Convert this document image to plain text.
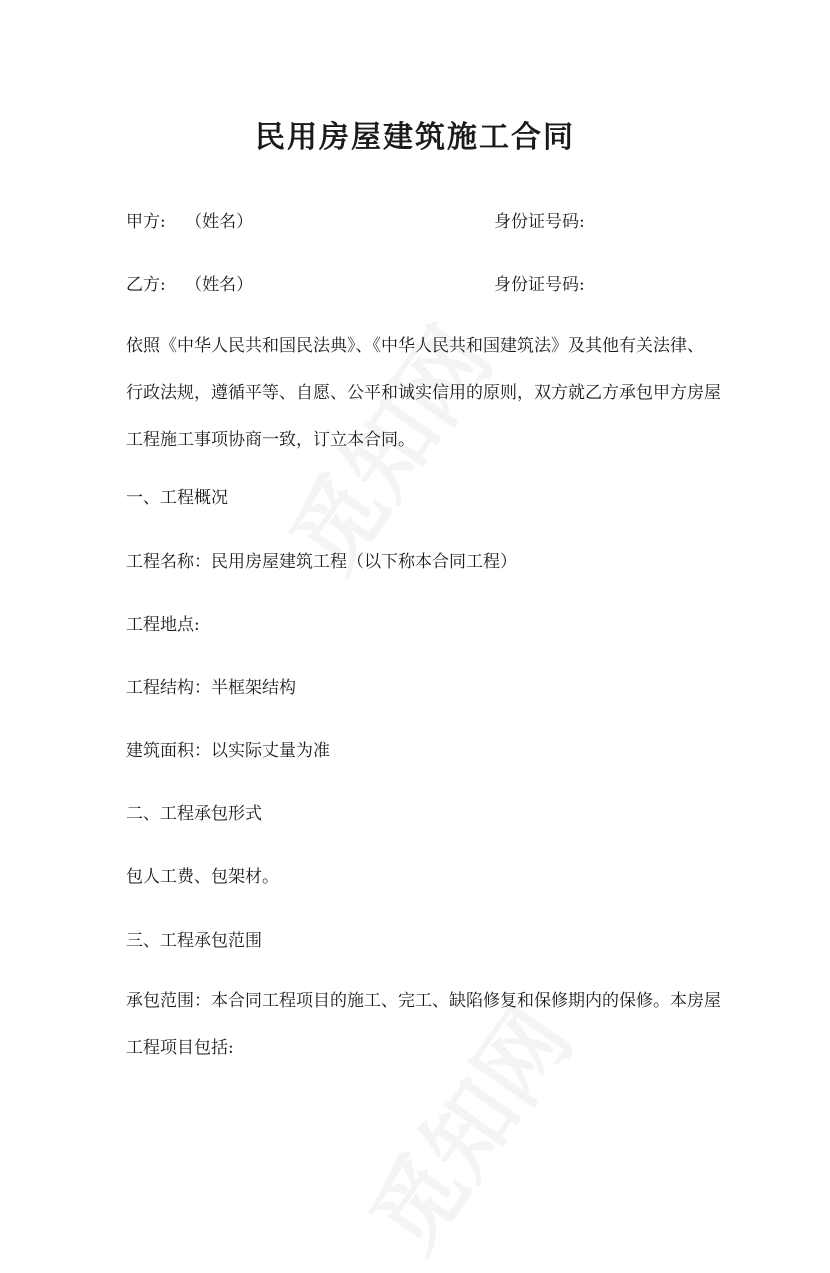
民用房屋建筑施工合同
甲方: （姓名）	身份证号码:
乙方: （姓名）	身份证号码:
依照《中华人民共和国民法典》、《中华人民共和国建筑法》及其他有关法律、
行政法规，遵循平等、自愿、公平和诚实信用的原则，双方就乙方承包甲方房屋
工程施工事项协商一致，订立本合同。
一、工程概况
工程名称：民用房屋建筑工程（以下称本合同工程）
工程地点:
工程结构：半框架结构
建筑面积：以实际丈量为准
二、工程承包形式
包人工费、包架材。
三、工程承包范围
承包范围：本合同工程项目的施工、完工、缺陷修复和保修期内的保修。本房屋
工程项目包括:
